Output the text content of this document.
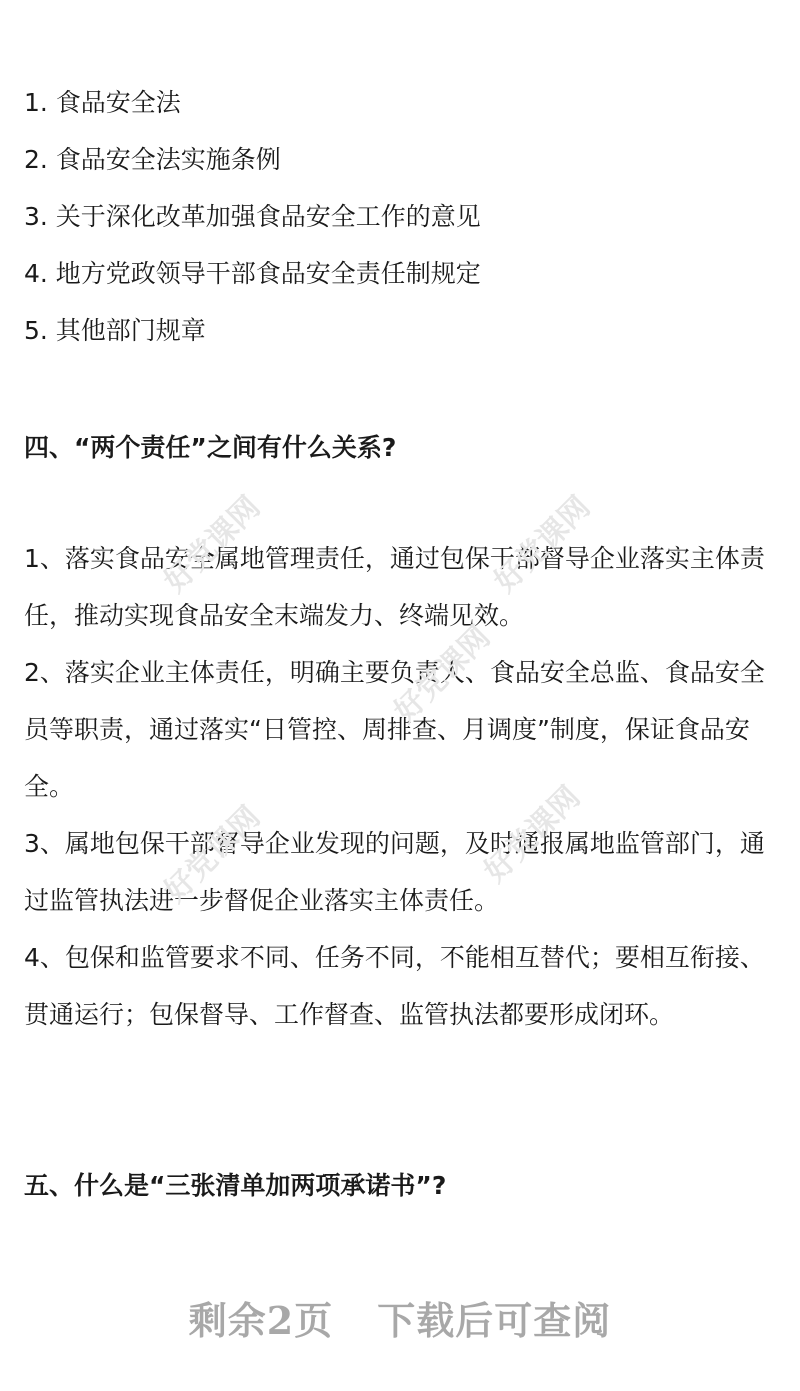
1. 食品安全法
2. 食品安全法实施条例
3. 关于深化改革加强食品安全工作的意见
4. 地方党政领导干部食品安全责任制规定
5. 其他部门规章
四、“两个责任”之间有什么关系?

1、落实食品安全属地管理责任，通过包保干部督导企业落实主体责任，推动实现食品安全末端发力、终端见效。

2、落实企业主体责任，明确主要负责人、食品安全总监、食品安全员等职责，通过落实“日管控、周排查、月调度”制度，保证食品安全。

3、属地包保干部督导企业发现的问题，及时通报属地监管部门，通过监管执法进一步督促企业落实主体责任。

4、包保和监管要求不同、任务不同，不能相互替代；要相互衔接、贯通运行；包保督导、工作督查、监管执法都要形成闭环。

五、什么是“三张清单加两项承诺书”?
好党课网	好党课网
好党课网	好党课网
好党课网
剩余2页 下载后可查阅
